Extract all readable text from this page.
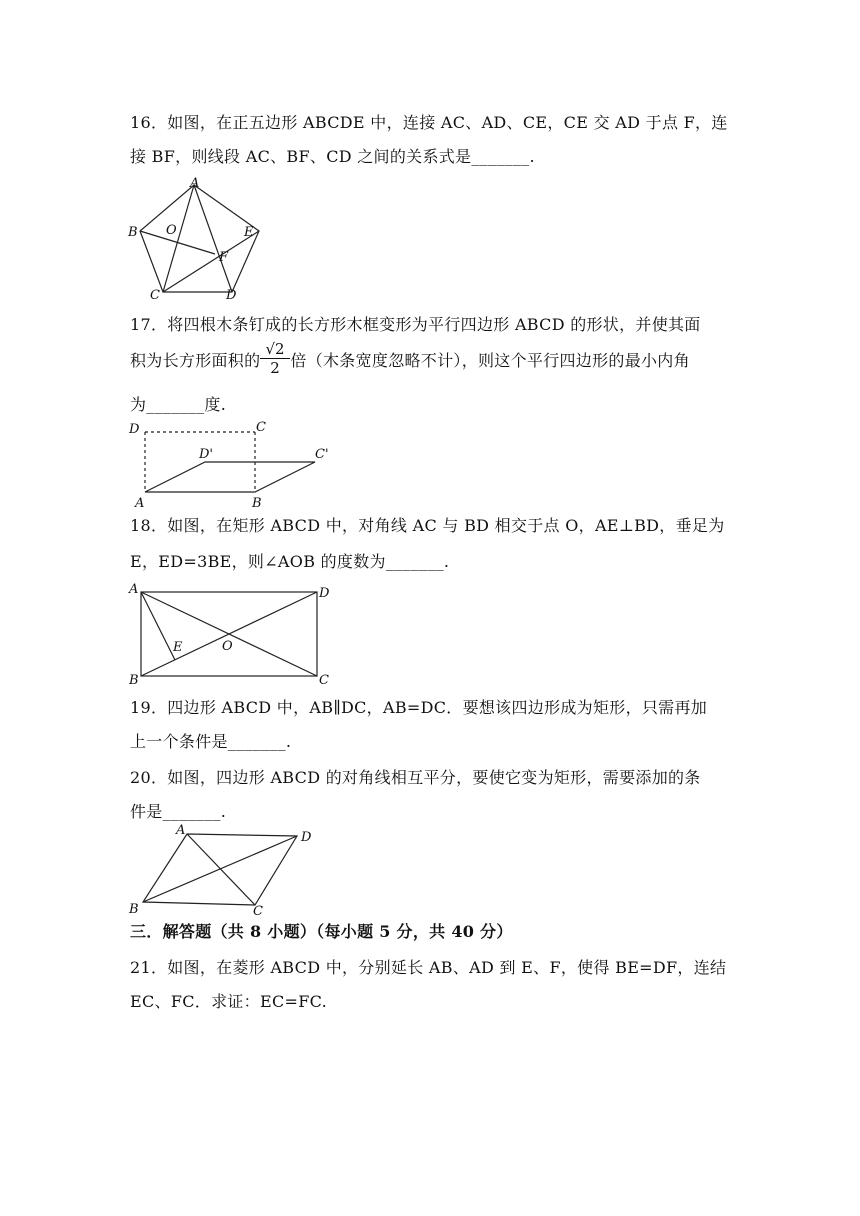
16．如图，在正五边形 ABCDE 中，连接 AC、AD、CE，CE 交 AD 于点 F，连
接 BF，则线段 AC、BF、CD 之间的关系式是_______.
A
B
C	D
E
O
F
17．将四根木条钉成的长方形木框变形为平行四边形 ABCD 的形状，并使其面
积为长方形面积的 倍（木条宽度忽略不计），则这个平行四边形的最小内角
$\frac{√2}{2}$
为_______度.
D	C
D'	C'
A	B
18．如图，在矩形 ABCD 中，对角线 AC 与 BD 相交于点 O，AE⊥BD，垂足为
E，ED=3BE，则∠AOB 的度数为_______.
A	D
E	O
B	C
19．四边形 ABCD 中，AB∥DC，AB=DC．要想该四边形成为矩形，只需再加
上一个条件是_______.
20．如图，四边形 ABCD 的对角线相互平分，要使它变为矩形，需要添加的条
件是_______.
A	D
B	C
三．解答题（共 8 小题）（每小题 5 分，共 40 分）
21．如图，在菱形 ABCD 中，分别延长 AB、AD 到 E、F，使得 BE=DF，连结
EC、FC．求证：EC=FC.
